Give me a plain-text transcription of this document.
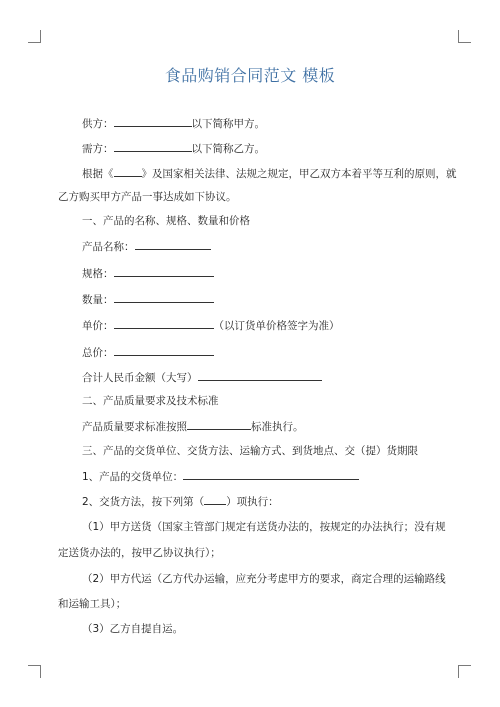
食品购销合同范文 模板
供方：	以下简称甲方。
需方：	以下简称乙方。
根据《	》及国家相关法律、法规之规定，甲乙双方本着平等互利的原则，就
乙方购买甲方产品一事达成如下协议。
一、产品的名称、规格、数量和价格
产品名称：
规格：
数量：
单价：	（以订货单价格签字为准）
总价：
合计人民币金额（大写）
二、产品质量要求及技术标准
产品质量要求标准按照	标准执行。
三、产品的交货单位、交货方法、运输方式、到货地点、交（提）货期限
1、产品的交货单位：
2、交货方法，按下列第（ ）项执行：
（1）甲方送货（国家主管部门规定有送货办法的，按规定的办法执行；没有规
定送货办法的，按甲乙协议执行）；
（2）甲方代运（乙方代办运输，应充分考虑甲方的要求，商定合理的运输路线
和运输工具）；
（3）乙方自提自运。
